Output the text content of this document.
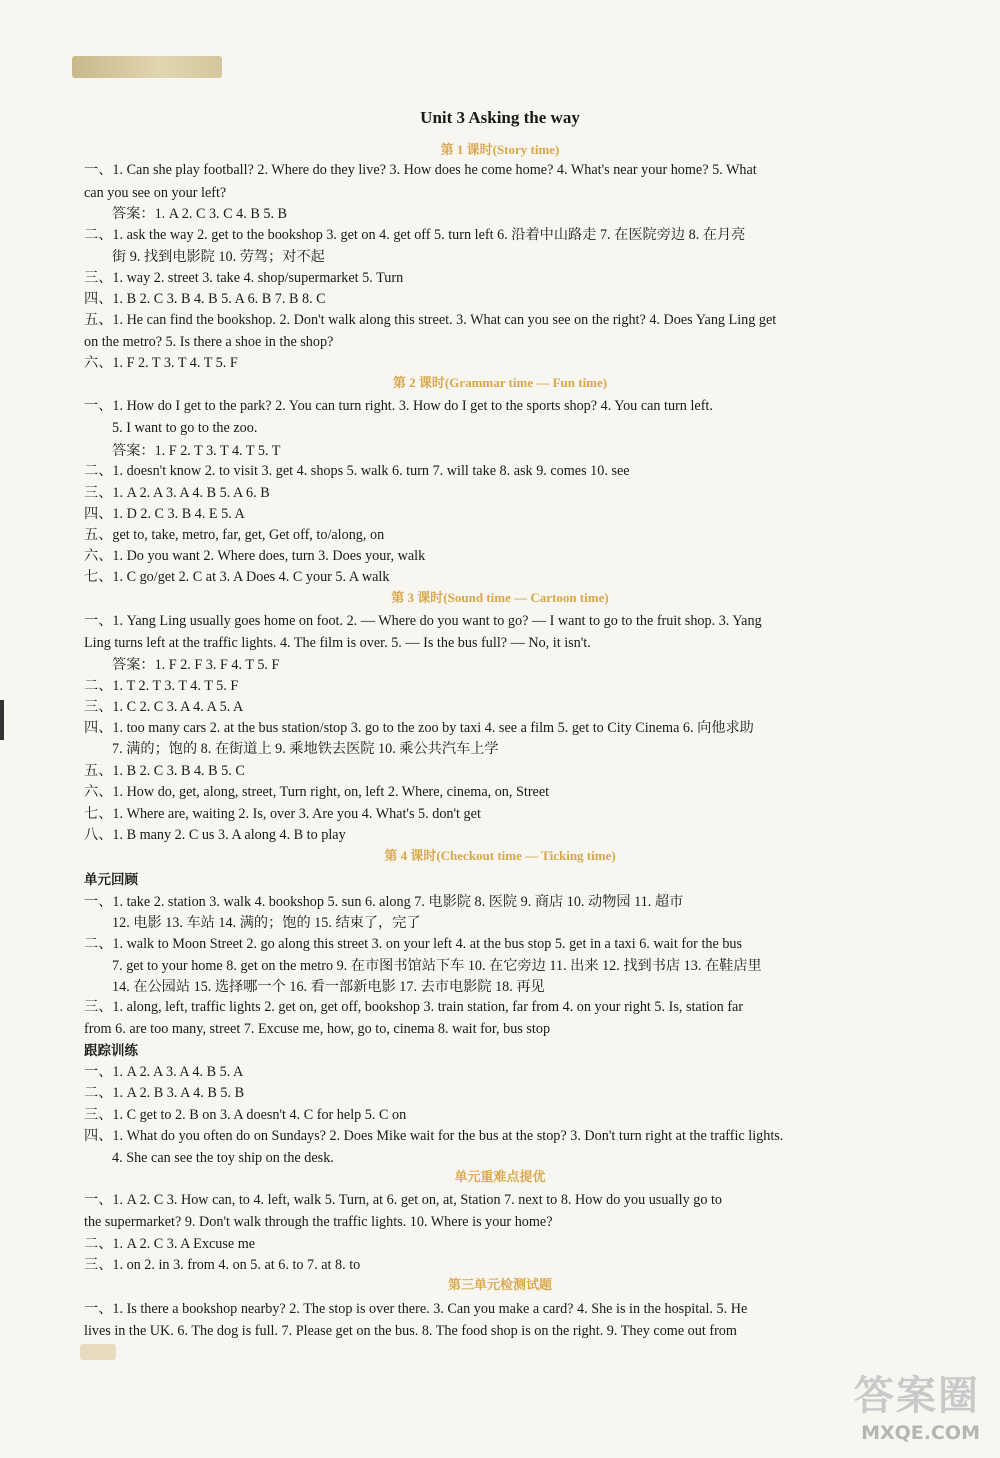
Unit 3 Asking the way
第 1 课时(Story time)
一、1. Can she play football? 2. Where do they live? 3. How does he come home? 4. What's near your home? 5. What
can you see on your left?
答案：1. A 2. C 3. C 4. B 5. B
二、1. ask the way 2. get to the bookshop 3. get on 4. get off 5. turn left 6. 沿着中山路走 7. 在医院旁边 8. 在月亮
街 9. 找到电影院 10. 劳驾；对不起
三、1. way 2. street 3. take 4. shop/supermarket 5. Turn
四、1. B 2. C 3. B 4. B 5. A 6. B 7. B 8. C
五、1. He can find the bookshop. 2. Don't walk along this street. 3. What can you see on the right? 4. Does Yang Ling get
on the metro? 5. Is there a shoe in the shop?
六、1. F 2. T 3. T 4. T 5. F
第 2 课时(Grammar time — Fun time)
一、1. How do I get to the park? 2. You can turn right. 3. How do I get to the sports shop? 4. You can turn left.
5. I want to go to the zoo.
答案：1. F 2. T 3. T 4. T 5. T
二、1. doesn't know 2. to visit 3. get 4. shops 5. walk 6. turn 7. will take 8. ask 9. comes 10. see
三、1. A 2. A 3. A 4. B 5. A 6. B
四、1. D 2. C 3. B 4. E 5. A
五、get to, take, metro, far, get, Get off, to/along, on
六、1. Do you want 2. Where does, turn 3. Does your, walk
七、1. C go/get 2. C at 3. A Does 4. C your 5. A walk
第 3 课时(Sound time — Cartoon time)
一、1. Yang Ling usually goes home on foot. 2. — Where do you want to go? — I want to go to the fruit shop. 3. Yang
Ling turns left at the traffic lights. 4. The film is over. 5. — Is the bus full? — No, it isn't.
答案：1. F 2. F 3. F 4. T 5. F
二、1. T 2. T 3. T 4. T 5. F
三、1. C 2. C 3. A 4. A 5. A
四、1. too many cars 2. at the bus station/stop 3. go to the zoo by taxi 4. see a film 5. get to City Cinema 6. 向他求助
7. 满的；饱的 8. 在街道上 9. 乘地铁去医院 10. 乘公共汽车上学
五、1. B 2. C 3. B 4. B 5. C
六、1. How do, get, along, street, Turn right, on, left 2. Where, cinema, on, Street
七、1. Where are, waiting 2. Is, over 3. Are you 4. What's 5. don't get
八、1. B many 2. C us 3. A along 4. B to play
第 4 课时(Checkout time — Ticking time)
单元回顾
一、1. take 2. station 3. walk 4. bookshop 5. sun 6. along 7. 电影院 8. 医院 9. 商店 10. 动物园 11. 超市
12. 电影 13. 车站 14. 满的；饱的 15. 结束了，完了
二、1. walk to Moon Street 2. go along this street 3. on your left 4. at the bus stop 5. get in a taxi 6. wait for the bus
7. get to your home 8. get on the metro 9. 在市图书馆站下车 10. 在它旁边 11. 出来 12. 找到书店 13. 在鞋店里
14. 在公园站 15. 选择哪一个 16. 看一部新电影 17. 去市电影院 18. 再见
三、1. along, left, traffic lights 2. get on, get off, bookshop 3. train station, far from 4. on your right 5. Is, station far
from 6. are too many, street 7. Excuse me, how, go to, cinema 8. wait for, bus stop
跟踪训练
一、1. A 2. A 3. A 4. B 5. A
二、1. A 2. B 3. A 4. B 5. B
三、1. C get to 2. B on 3. A doesn't 4. C for help 5. C on
四、1. What do you often do on Sundays? 2. Does Mike wait for the bus at the stop? 3. Don't turn right at the traffic lights.
4. She can see the toy ship on the desk.
单元重难点提优
一、1. A 2. C 3. How can, to 4. left, walk 5. Turn, at 6. get on, at, Station 7. next to 8. How do you usually go to
the supermarket? 9. Don't walk through the traffic lights. 10. Where is your home?
二、1. A 2. C 3. A Excuse me
三、1. on 2. in 3. from 4. on 5. at 6. to 7. at 8. to
第三单元检测试题
一、1. Is there a bookshop nearby? 2. The stop is over there. 3. Can you make a card? 4. She is in the hospital. 5. He
lives in the UK. 6. The dog is full. 7. Please get on the bus. 8. The food shop is on the right. 9. They come out from
答案圈
MXQE.COM
